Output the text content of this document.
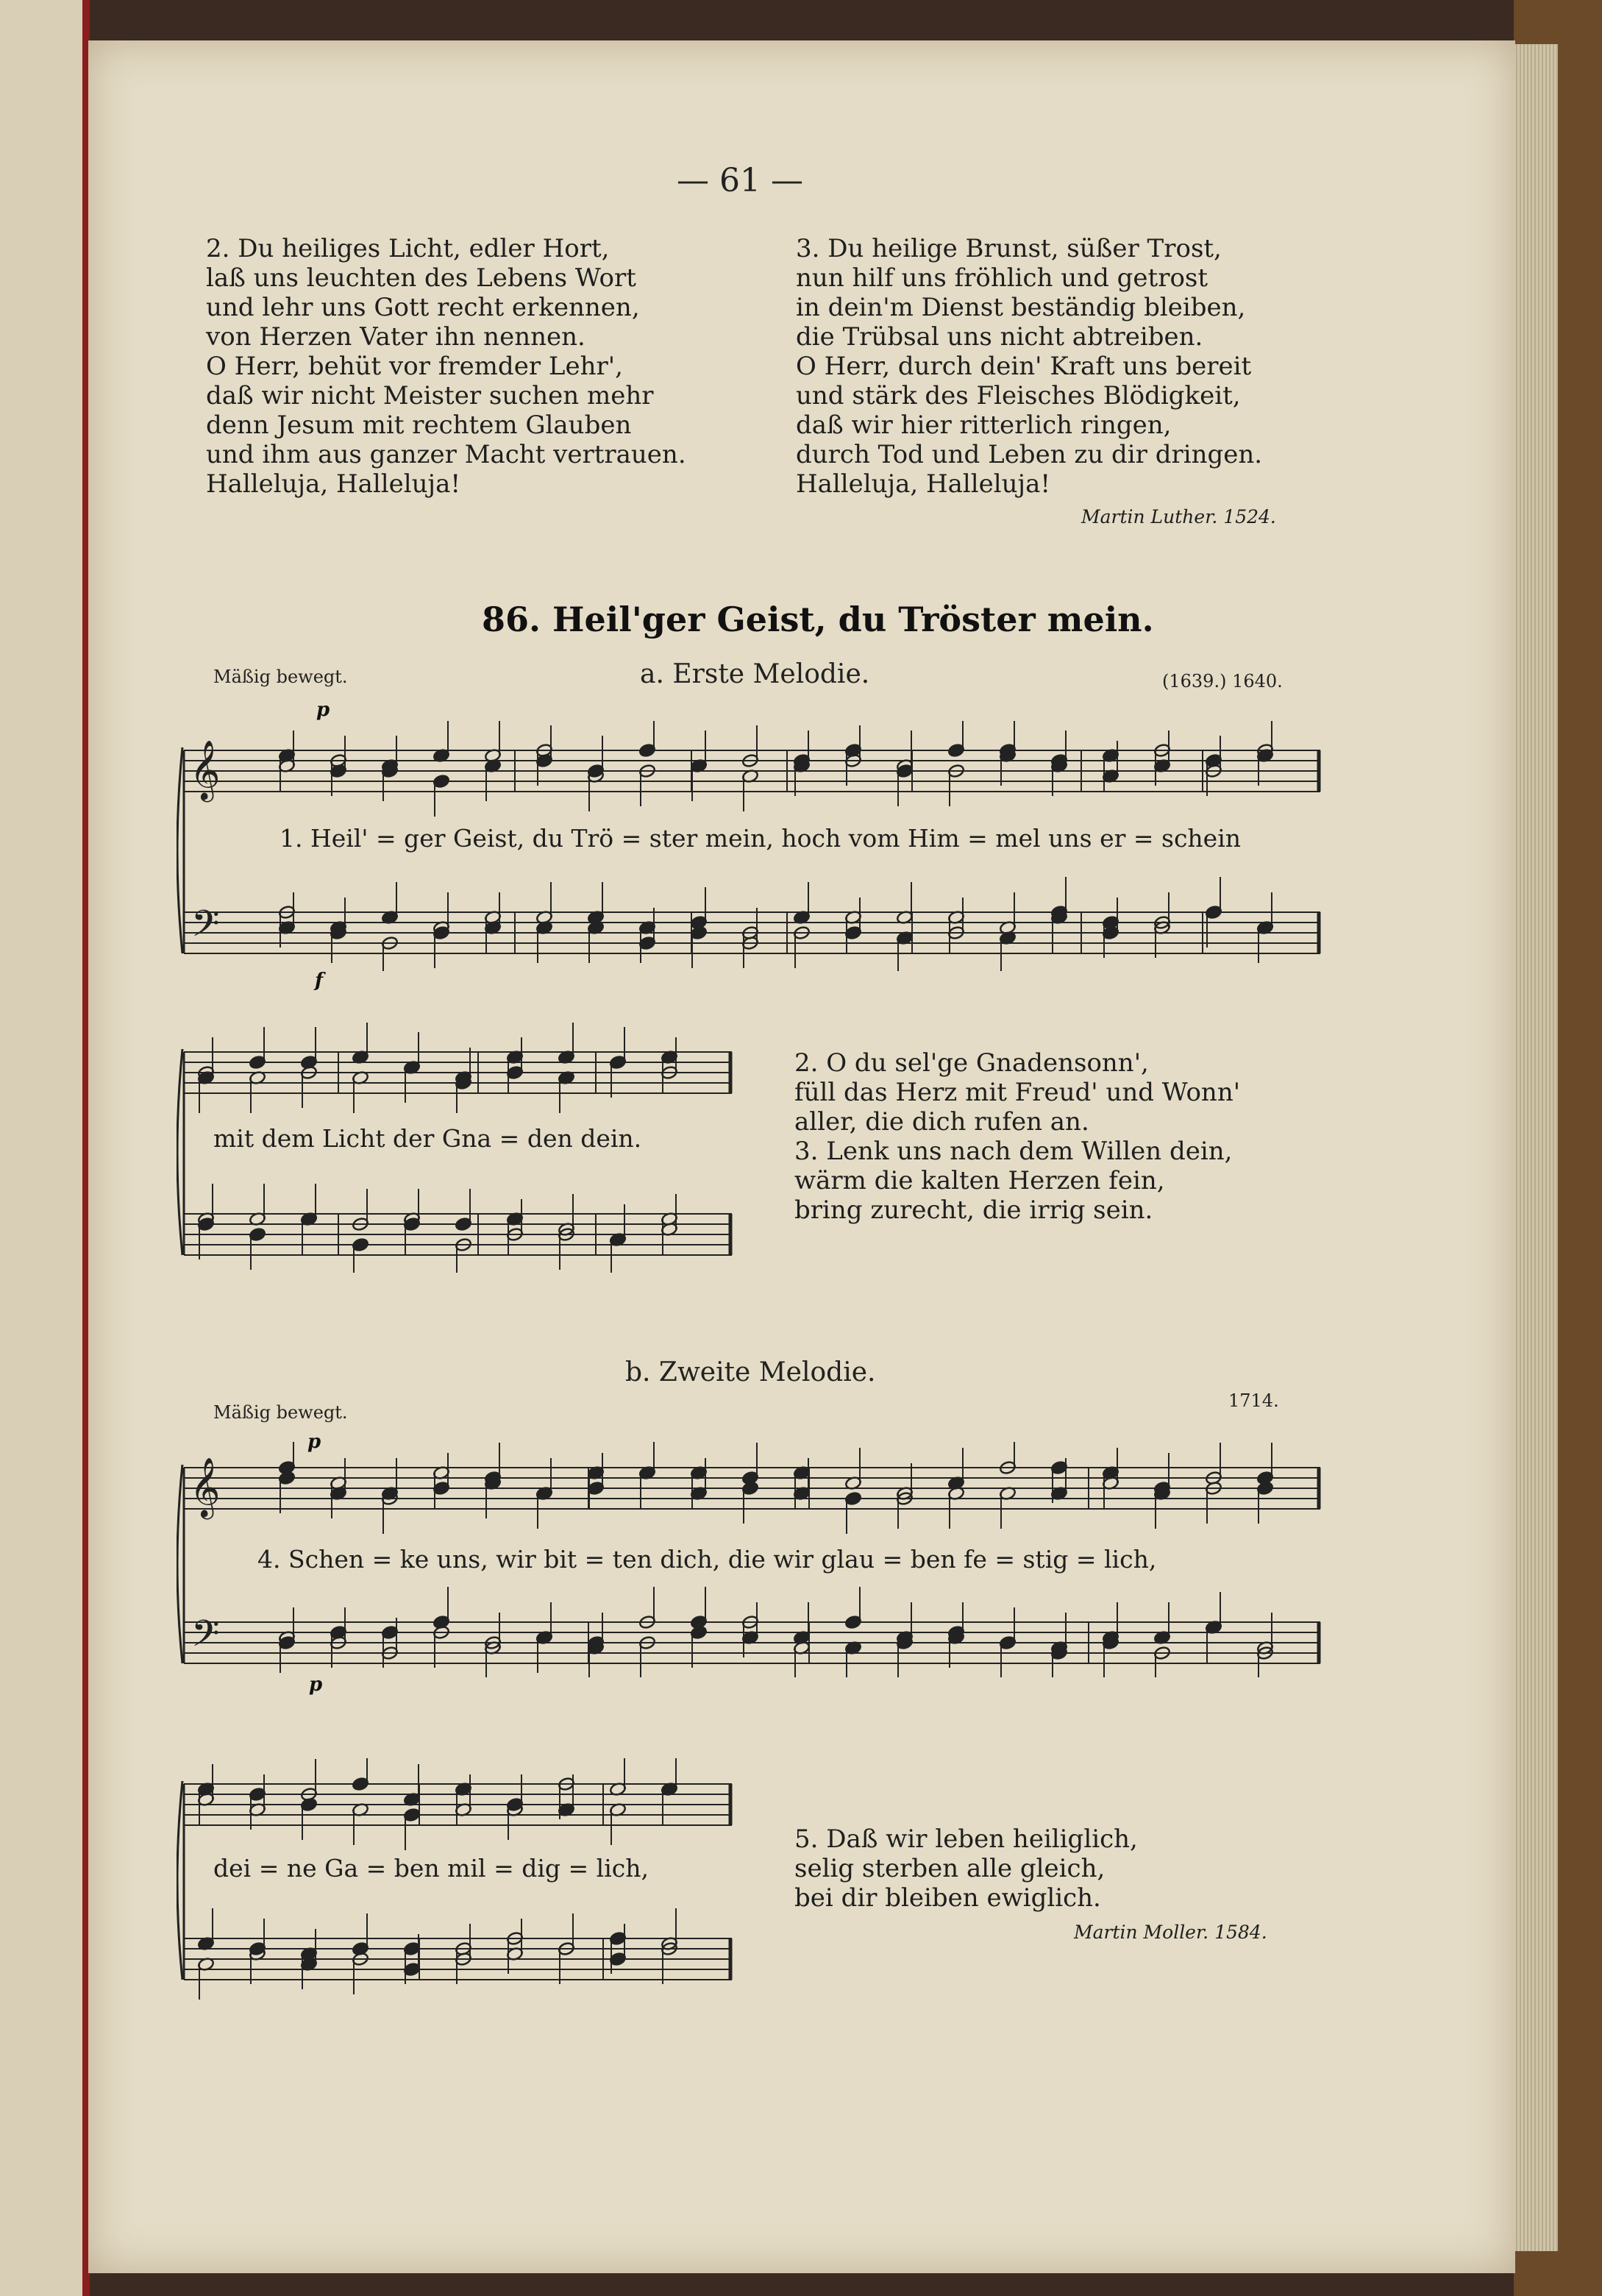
— 61 —
2. Du heiliges Licht, edler Hort,
laß uns leuchten des Lebens Wort
und lehr uns Gott recht erkennen,
von Herzen Vater ihn nennen.
O Herr, behüt vor fremder Lehr',
daß wir nicht Meister suchen mehr
denn Jesum mit rechtem Glauben
und ihm aus ganzer Macht vertrauen.
Halleluja, Halleluja!
3. Du heilige Brunst, süßer Trost,
nun hilf uns fröhlich und getrost
in dein'm Dienst beständig bleiben,
die Trübsal uns nicht abtreiben.
O Herr, durch dein' Kraft uns bereit
und stärk des Fleisches Blödigkeit,
daß wir hier ritterlich ringen,
durch Tod und Leben zu dir dringen.
Halleluja, Halleluja!
Martin Luther. 1524.
86. Heil'ger Geist, du Tröster mein.
Mäßig bewegt.	a. Erste Melodie.	(1639.) 1640.
p
f
𝄞
𝄢
1. Heil' = ger Geist, du Trö = ster mein, hoch vom Him = mel uns er = schein
mit dem Licht der Gna = den dein.
2. O du sel'ge Gnadensonn',
füll das Herz mit Freud' und Wonn'
aller, die dich rufen an.
3. Lenk uns nach dem Willen dein,
wärm die kalten Herzen fein,
bring zurecht, die irrig sein.
b. Zweite Melodie.
Mäßig bewegt.
1714.
p
p
𝄞
𝄢
4. Schen = ke uns, wir bit = ten dich, die wir glau = ben fe = stig = lich,
dei = ne Ga = ben mil = dig = lich,
5. Daß wir leben heiliglich,
selig sterben alle gleich,
bei dir bleiben ewiglich.
Martin Moller. 1584.
